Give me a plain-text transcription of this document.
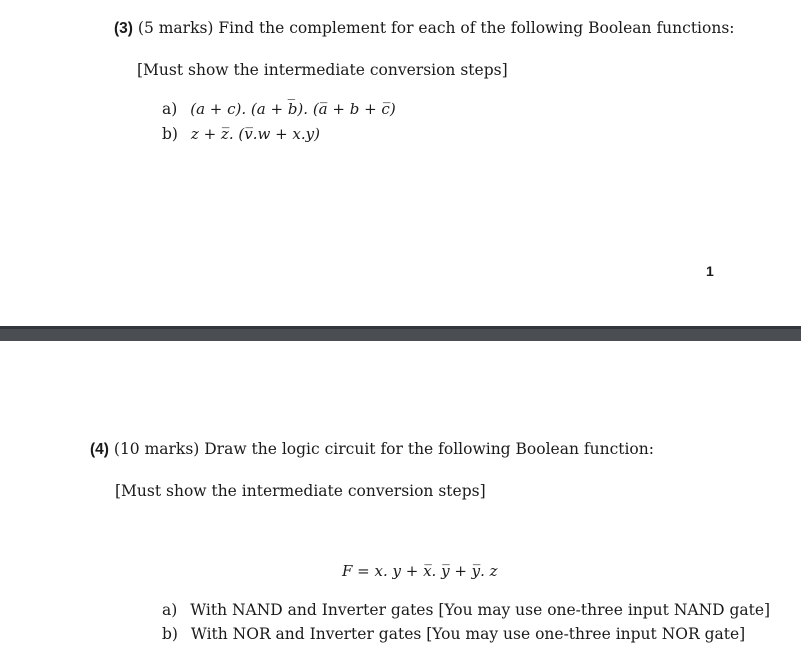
(3) (5 marks) Find the complement for each of the following Boolean functions:
[Must show the intermediate conversion steps]
a) (a + c). (a + b̅). (a̅ + b + c̅)
b) z + z̅. (v̅.w + x.y)
1
(4) (10 marks) Draw the logic circuit for the following Boolean function:
[Must show the intermediate conversion steps]
F = x. y + x̅. y̅ + y̅. z
a) With NAND and Inverter gates [You may use one-three input NAND gate]
b) With NOR and Inverter gates [You may use one-three input NOR gate]
